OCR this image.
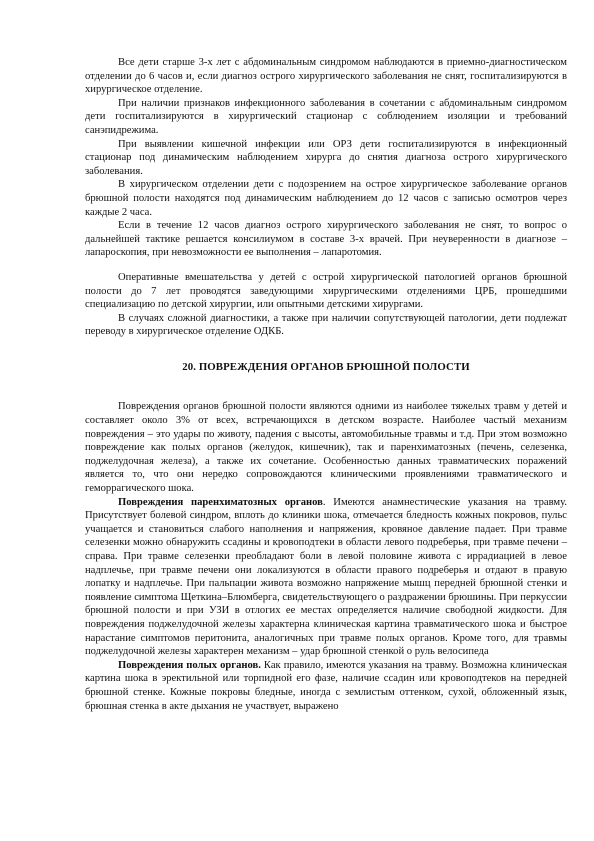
Все дети старше 3-х лет с абдоминальным синдромом наблюдаются в приемно-диагностическом отделении до 6 часов и, если диагноз острого хирургического заболевания не снят, госпитализируются в хирургическое отделение.

При наличии признаков инфекционного заболевания в сочетании с абдоминальным синдромом дети госпитализируются в хирургический стационар с соблюдением изоляции и требований санэпидрежима.

При выявлении кишечной инфекции или ОРЗ дети госпитализируются в инфекционный стационар под динамическим наблюдением хирурга до снятия диагноза острого хирургического заболевания.

В хирургическом отделении дети с подозрением на острое хирургическое заболевание органов брюшной полости находятся под динамическим наблюдением до 12 часов с записью осмотров через каждые 2 часа.

Если в течение 12 часов диагноз острого хирургического заболевания не снят, то вопрос о дальнейшей тактике решается консилиумом в составе 3-х врачей. При неуверенности в диагнозе – лапароскопия, при невозможности ее выполнения – лапаротомия.

Оперативные вмешательства у детей с острой хирургической патологией органов брюшной полости до 7 лет проводятся заведующими хирургическими отделениями ЦРБ, прошедшими специализацию по детской хирургии, или опытными детскими хирургами.

В случаях сложной диагностики, а также при наличии сопутствующей патологии, дети подлежат переводу в хирургическое отделение ОДКБ.

20. ПОВРЕЖДЕНИЯ ОРГАНОВ БРЮШНОЙ ПОЛОСТИ

Повреждения органов брюшной полости являются одними из наиболее тяжелых травм у детей и составляет около 3% от всех, встречающихся в детском возрасте. Наиболее частый механизм повреждения – это удары по животу, падения с высоты, автомобильные травмы и т.д. При этом возможно повреждение как полых органов (желудок, кишечник), так и паренхиматозных (печень, селезенка, поджелудочная железа), а также их сочетание. Особенностью данных травматических поражений является то, что они нередко сопровождаются клиническими проявлениями травматического и геморрагического шока.

Повреждения паренхиматозных органов. Имеются анамнестические указания на травму. Присутствует болевой синдром, вплоть до клиники шока, отмечается бледность кожных покровов, пульс учащается и становиться слабого наполнения и напряжения, кровяное давление падает. При травме селезенки можно обнаружить ссадины и кровоподтеки в области левого подреберья, при травме печени – справа. При травме селезенки преобладают боли в левой половине живота с иррадиацией в левое надплечье, при травме печени они локализуются в области правого подреберья и отдают в правую лопатку и надплечье. При пальпации живота возможно напряжение мышц передней брюшной стенки и появление симптома Щеткина–Блюмберга, свидетельствующего о раздражении брюшины. При перкуссии брюшной полости и при УЗИ в отлогих ее местах определяется наличие свободной жидкости. Для повреждения поджелудочной железы характерна клиническая картина травматического шока и быстрое нарастание симптомов перитонита, аналогичных при травме полых органов. Кроме того, для травмы поджелудочной железы характерен механизм – удар брюшной стенкой о руль велосипеда

Повреждения полых органов. Как правило, имеются указания на травму. Возможна клиническая картина шока в эректильной или торпидной его фазе, наличие ссадин или кровоподтеков на передней брюшной стенке. Кожные покровы бледные, иногда с землистым оттенком, сухой, обложенный язык, брюшная стенка в акте дыхания не участвует, выражено
